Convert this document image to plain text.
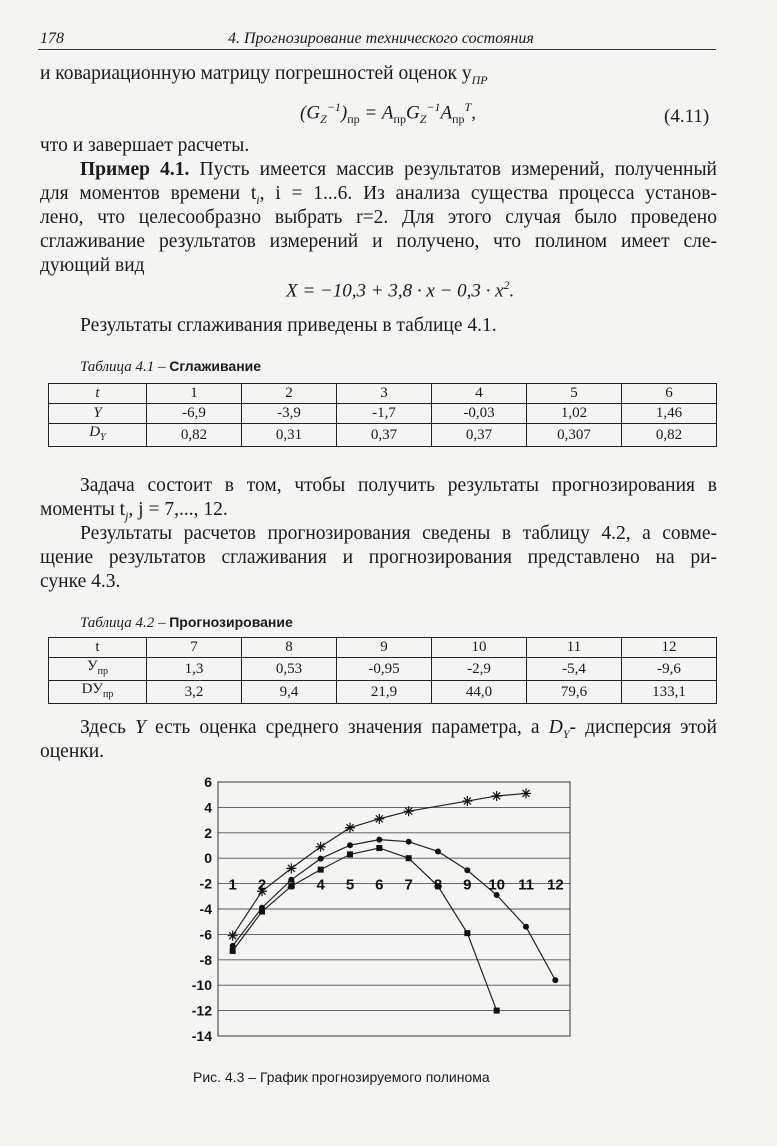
178	4. Прогнозирование технического состояния
и ковариационную матрицу погрешностей оценок $y_{ПР}$
$(G_Z^{-1})_{пр} = A_{пр}G_Z^{-1}A_{пр}^T$,	(4.11)
что и завершает расчеты.
Пример 4.1. Пусть имеется массив результатов измерений, полученный
для моментов времени $t_i$, i = 1...6. Из анализа существа процесса установ-
лено, что целесообразно выбрать r=2. Для этого случая было проведено
сглаживание результатов измерений и получено, что полином имеет сле-
дующий вид
$X = -10,3 + 3,8 \cdot x - 0,3 \cdot x^2$.
Результаты сглаживания приведены в таблице 4.1.
Таблица 4.1 – Сглаживание
t	1	2	3	4	5	6
Y	-6,9	-3,9	-1,7	-0,03	1,02	1,46
$D_Y$	0,82	0,31	0,37	0,37	0,307	0,82
Задача состоит в том, чтобы получить результаты прогнозирования в
моменты $t_j$, j = 7,..., 12.
Результаты расчетов прогнозирования сведены в таблицу 4.2, а совме-
щение результатов сглаживания и прогнозирования представлено на ри-
сунке 4.3.
Таблица 4.2 – Прогнозирование
t	7	8	9	10	11	12
$У_{пр}$	1,3	0,53	-0,95	-2,9	-5,4	-9,6
$DУ_{пр}$	3,2	9,4	21,9	44,0	79,6	133,1
Здесь Y есть оценка среднего значения параметра, а $D_Y-$ дисперсия этой
оценки.
6
4
2
0
-2
-4
-6
-8
-10
-12
-14
1 2 3 4 5 6 7 8 9 10 11 12
Рис. 4.3 – График прогнозируемого полинома
